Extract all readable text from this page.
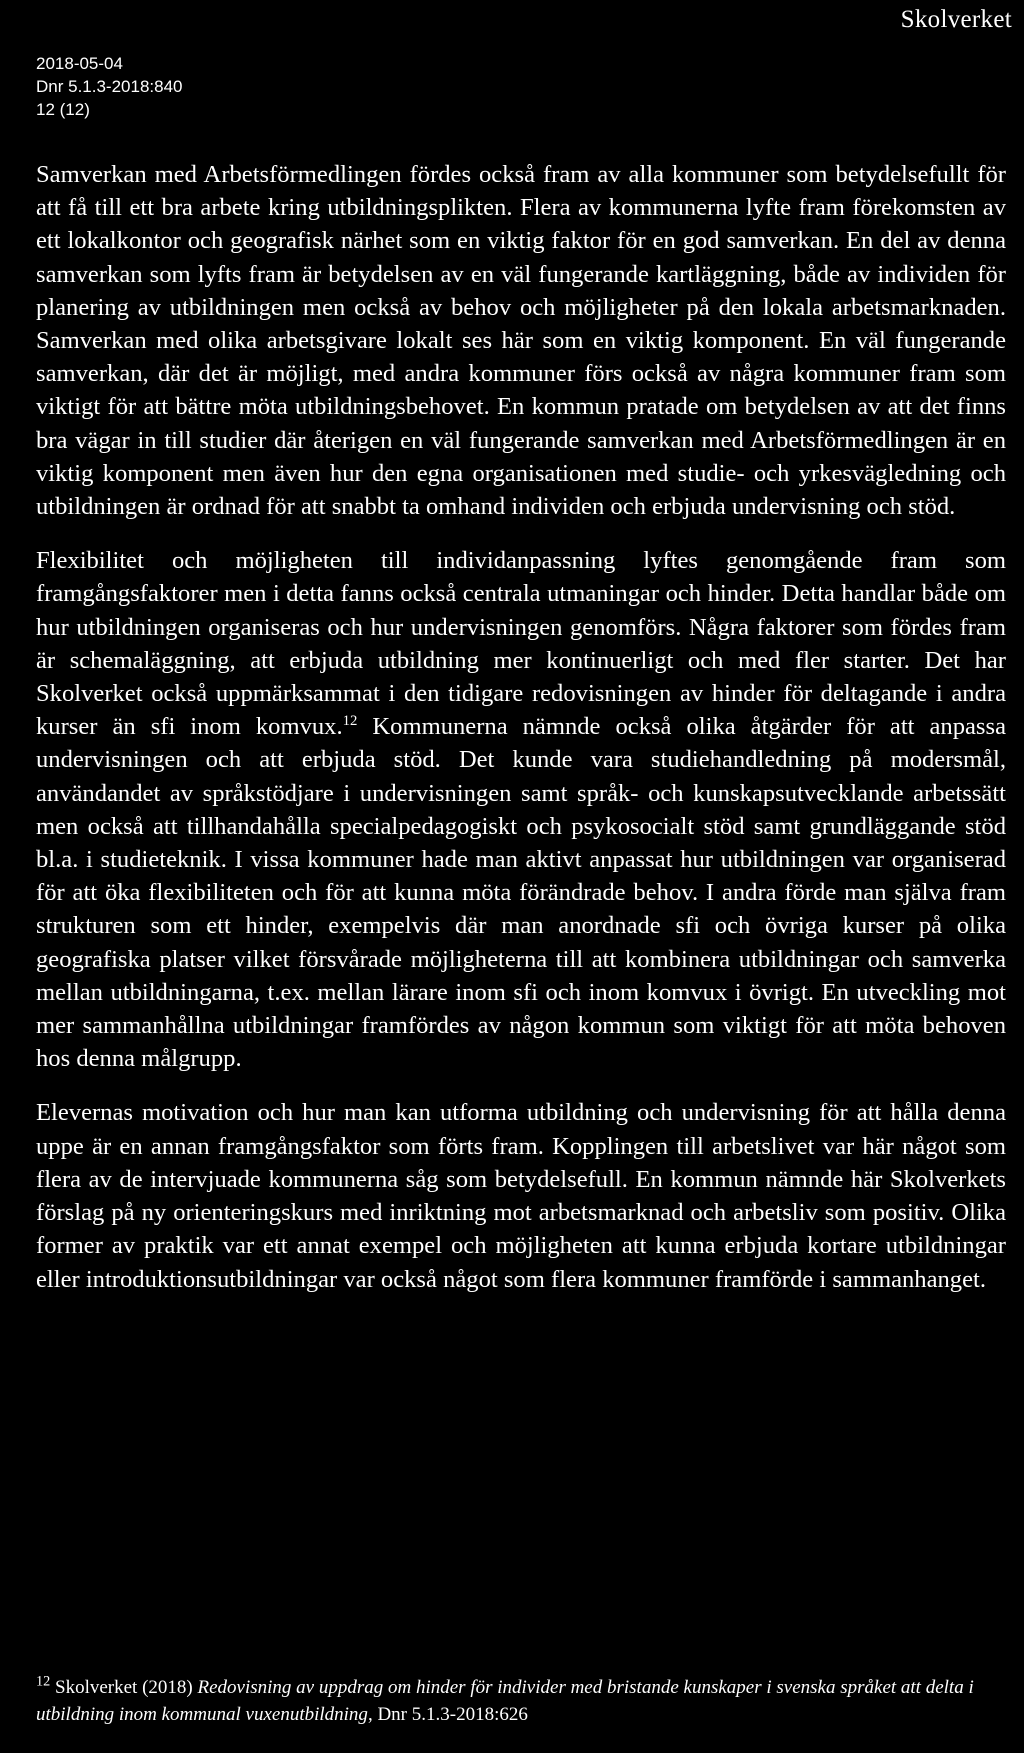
Skolverket
2018-05-04
Dnr 5.1.3-2018:840
12 (12)

Samverkan med Arbetsförmedlingen fördes också fram av alla kommuner som betydelsefullt för att få till ett bra arbete kring utbildningsplikten. Flera av kommunerna lyfte fram förekomsten av ett lokalkontor och geografisk närhet som en viktig faktor för en god samverkan. En del av denna samverkan som lyfts fram är betydelsen av en väl fungerande kartläggning, både av individen för planering av utbildningen men också av behov och möjligheter på den lokala arbetsmarknaden. Samverkan med olika arbetsgivare lokalt ses här som en viktig komponent. En väl fungerande samverkan, där det är möjligt, med andra kommuner förs också av några kommuner fram som viktigt för att bättre möta utbildningsbehovet. En kommun pratade om betydelsen av att det finns bra vägar in till studier där återigen en väl fungerande samverkan med Arbetsförmedlingen är en viktig komponent men även hur den egna organisationen med studie- och yrkesvägledning och utbildningen är ordnad för att snabbt ta omhand individen och erbjuda undervisning och stöd.

Flexibilitet och möjligheten till individanpassning lyftes genomgående fram som framgångsfaktorer men i detta fanns också centrala utmaningar och hinder. Detta handlar både om hur utbildningen organiseras och hur undervisningen genomförs. Några faktorer som fördes fram är schemaläggning, att erbjuda utbildning mer kontinuerligt och med fler starter. Det har Skolverket också uppmärksammat i den tidigare redovisningen av hinder för deltagande i andra kurser än sfi inom komvux.$^{12}$ Kommunerna nämnde också olika åtgärder för att anpassa undervisningen och att erbjuda stöd. Det kunde vara studiehandledning på modersmål, användandet av språkstödjare i undervisningen samt språk- och kunskapsutvecklande arbetssätt men också att tillhandahålla specialpedagogiskt och psykosocialt stöd samt grundläggande stöd bl.a. i studieteknik. I vissa kommuner hade man aktivt anpassat hur utbildningen var organiserad för att öka flexibiliteten och för att kunna möta förändrade behov. I andra förde man själva fram strukturen som ett hinder, exempelvis där man anordnade sfi och övriga kurser på olika geografiska platser vilket försvårade möjligheterna till att kombinera utbildningar och samverka mellan utbildningarna, t.ex. mellan lärare inom sfi och inom komvux i övrigt. En utveckling mot mer sammanhållna utbildningar framfördes av någon kommun som viktigt för att möta behoven hos denna målgrupp.

Elevernas motivation och hur man kan utforma utbildning och undervisning för att hålla denna uppe är en annan framgångsfaktor som förts fram. Kopplingen till arbetslivet var här något som flera av de intervjuade kommunerna såg som betydelsefull. En kommun nämnde här Skolverkets förslag på ny orienteringskurs med inriktning mot arbetsmarknad och arbetsliv som positiv. Olika former av praktik var ett annat exempel och möjligheten att kunna erbjuda kortare utbildningar eller introduktionsutbildningar var också något som flera kommuner framförde i sammanhanget.

$^{12}$ Skolverket (2018) Redovisning av uppdrag om hinder för individer med bristande kunskaper i svenska språket att delta i utbildning inom kommunal vuxenutbildning, Dnr 5.1.3-2018:626
